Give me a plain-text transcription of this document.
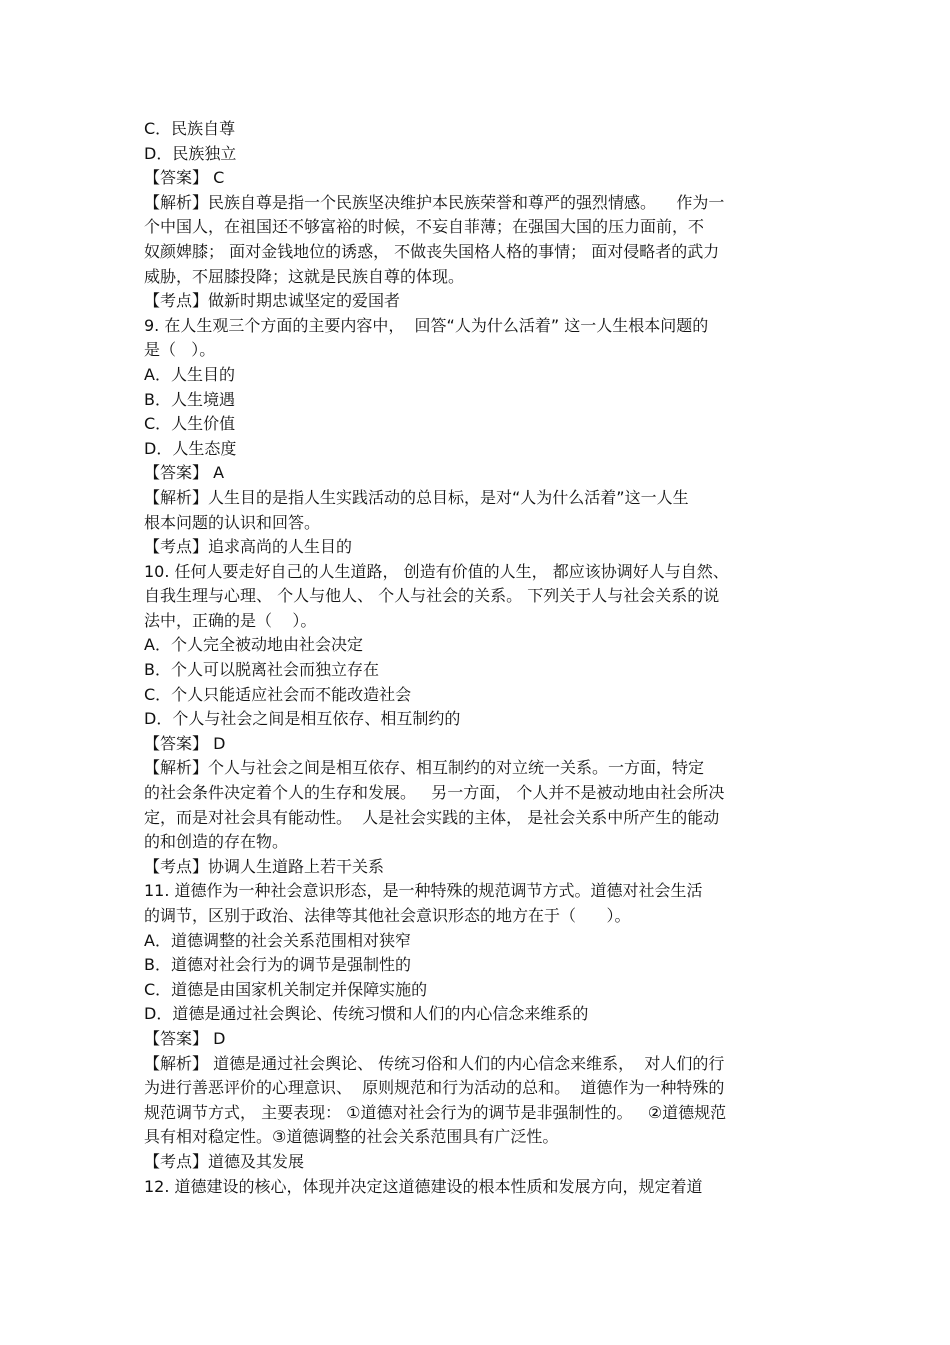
C．民族自尊
D．民族独立
【答案】 C
【解析】民族自尊是指一个民族坚决维护本民族荣誉和尊严的强烈情感。    作为一
个中国人，在祖国还不够富裕的时候，不妄自菲薄；在强国大国的压力面前，不
奴颜婢膝； 面对金钱地位的诱惑， 不做丧失国格人格的事情； 面对侵略者的武力
威胁，不屈膝投降；这就是民族自尊的体现。
【考点】做新时期忠诚坚定的爱国者
9. 在人生观三个方面的主要内容中，  回答“人为什么活着” 这一人生根本问题的
是（   ）。
A．人生目的
B．人生境遇
C．人生价值
D．人生态度
【答案】 A
【解析】人生目的是指人生实践活动的总目标，是对“人为什么活着”这一人生
根本问题的认识和回答。
【考点】追求高尚的人生目的
10. 任何人要走好自己的人生道路， 创造有价值的人生， 都应该协调好人与自然、
自我生理与心理、 个人与他人、 个人与社会的关系。 下列关于人与社会关系的说
法中，正确的是（    ）。
A．个人完全被动地由社会决定
B．个人可以脱离社会而独立存在
C．个人只能适应社会而不能改造社会
D．个人与社会之间是相互依存、相互制约的
【答案】 D
【解析】个人与社会之间是相互依存、相互制约的对立统一关系。一方面，特定
的社会条件决定着个人的生存和发展。   另一方面， 个人并不是被动地由社会所决
定，而是对社会具有能动性。  人是社会实践的主体， 是社会关系中所产生的能动
的和创造的存在物。
【考点】协调人生道路上若干关系
11. 道德作为一种社会意识形态，是一种特殊的规范调节方式。道德对社会生活
的调节，区别于政治、法律等其他社会意识形态的地方在于（      ）。
A．道德调整的社会关系范围相对狭窄
B．道德对社会行为的调节是强制性的
C．道德是由国家机关制定并保障实施的
D．道德是通过社会舆论、传统习惯和人们的内心信念来维系的
【答案】 D
【解析】 道德是通过社会舆论、 传统习俗和人们的内心信念来维系，  对人们的行
为进行善恶评价的心理意识、  原则规范和行为活动的总和。  道德作为一种特殊的
规范调节方式， 主要表现： ①道德对社会行为的调节是非强制性的。   ②道德规范
具有相对稳定性。③道德调整的社会关系范围具有广泛性。
【考点】道德及其发展
12. 道德建设的核心，体现并决定这道德建设的根本性质和发展方向，规定着道
